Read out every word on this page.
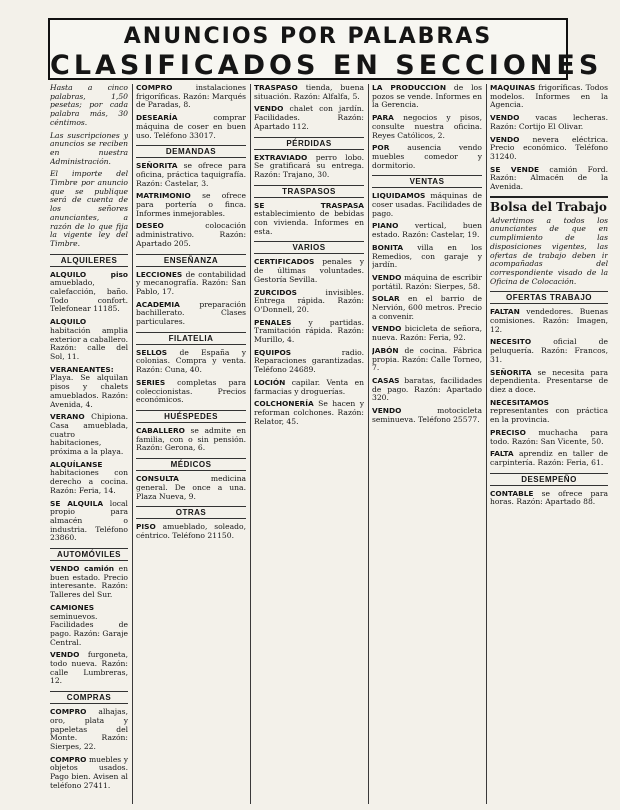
ANUNCIOS POR PALABRAS
CLASIFICADOS EN SECCIONES
Hasta a cinco palabras, 1,50 pesetas; por cada palabra más, 30 céntimos.
Las suscripciones y anuncios se reciben en nuestra Administración.
El importe del Timbre por anuncio que se publique será de cuenta de los señores anunciantes, a razón de lo que fija la vigente ley del Timbre.
ALQUILERES
ALQUILO piso amueblado, calefacción, baño. Todo confort. Telefonear 11185.
ALQUILO habitación amplia exterior a caballero. Razón: calle del Sol, 11.
VERANEANTES: Playa. Se alquilan pisos y chalets amueblados. Razón: Avenida, 4.
VERANO Chipiona. Casa amueblada, cuatro habitaciones, próxima a la playa.
ALQUÍLANSE habitaciones con derecho a cocina. Razón: Feria, 14.
SE ALQUILA local propio para almacén o industria. Teléfono 23860.
AUTOMÓVILES
VENDO camión en buen estado. Precio interesante. Razón: Talleres del Sur.
CAMIONES seminuevos. Facilidades de pago. Razón: Garaje Central.
VENDO furgoneta, todo nueva. Razón: calle Lumbreras, 12.
COMPRAS
COMPRO alhajas, oro, plata y papeletas del Monte. Razón: Sierpes, 22.
COMPRO muebles y objetos usados. Pago bien. Avisen al teléfono 27411.
COMPRO	instalaciones frigoríficas. Razón: Marqués de Paradas, 8.
DESEARÍA	comprar máquina de coser en buen uso. Teléfono 33017.
DEMANDAS
SEÑORITA se ofrece para oficina, práctica taquigrafía. Razón: Castelar, 3.
MATRIMONIO se ofrece para portería o finca. Informes inmejorables.
DESEO	colocación administrativo. Razón: Apartado 205.
ENSEÑANZA
LECCIONES de contabilidad y mecanografía. Razón: San Pablo, 17.
ACADEMIA	preparación bachillerato. Clases particulares.
FILATELIA
SELLOS de España y colonias. Compra y venta. Razón: Cuna, 40.
SERIES completas para coleccionistas. Precios económicos.
HUÉSPEDES
CABALLERO se admite en familia, con o sin pensión. Razón: Gerona, 6.
MÉDICOS
CONSULTA	medicina general. De once a una. Plaza Nueva, 9.
OTRAS
PISO amueblado, soleado, céntrico. Teléfono 21150.
TRASPASO tienda, buena situación. Razón: Alfalfa, 5.
VENDO chalet con jardín. Facilidades. Razón: Apartado 112.
PÉRDIDAS
EXTRAVIADO perro lobo. Se gratificará su entrega. Razón: Trajano, 30.
TRASPASOS
SE TRASPASA establecimiento de bebidas con vivienda. Informes en esta.
VARIOS
CERTIFICADOS penales y de últimas voluntades. Gestoría Sevilla.
ZURCIDOS	invisibles. Entrega rápida. Razón: O'Donnell, 20.
PENALES y partidas. Tramitación rápida. Razón: Murillo, 4.
EQUIPOS	radio. Reparaciones garantizadas. Teléfono 24689.
LOCIÓN capilar. Venta en farmacias y droguerías.
COLCHONERÍA Se hacen y reforman colchones. Razón: Relator, 45.
LA PRODUCCIÓN de los pozos se vende. Informes en la Gerencia.
PARA negocios y pisos, consulte nuestra oficina. Reyes Católicos, 2.
POR ausencia vendo muebles comedor y dormitorio.
VENTAS
LIQUIDAMOS máquinas de coser usadas. Facilidades de pago.
PIANO vertical, buen estado. Razón: Castelar, 19.
BONITA villa en los Remedios, con garaje y jardín.
VENDO máquina de escribir portátil. Razón: Sierpes, 58.
SOLAR en el barrio de Nervión, 600 metros. Precio a convenir.
VENDO bicicleta de señora, nueva. Razón: Feria, 92.
JABÓN de cocina. Fábrica propia. Razón: Calle Torneo, 7.
CASAS baratas, facilidades de pago. Razón: Apartado 320.
VENDO	motocicleta seminueva. Teléfono 25577.
MÁQUINAS frigoríficas. Todos modelos. Informes en la Agencia.
VENDO vacas lecheras. Razón: Cortijo El Olivar.
VENDO nevera eléctrica. Precio económico. Teléfono 31240.
SE VENDE camión Ford. Razón: Almacén de la Avenida.
Bolsa del Trabajo
Advertimos a todos los anunciantes de que en cumplimiento de las disposiciones vigentes, las ofertas de trabajo deben ir acompañadas del correspondiente visado de la Oficina de Colocación.
OFERTAS TRABAJO
FALTAN vendedores. Buenas comisiones. Razón: Imagen, 12.
NECESITO	oficial de peluquería. Razón: Francos, 31.
SEÑORITA se necesita para dependienta. Presentarse de diez a doce.
NECESITAMOS representantes con práctica en la provincia.
PRECISO muchacha para todo. Razón: San Vicente, 50.
FALTA aprendiz en taller de carpintería. Razón: Feria, 61.
DESEMPEÑO
CONTABLE se ofrece para horas. Razón: Apartado 88.
